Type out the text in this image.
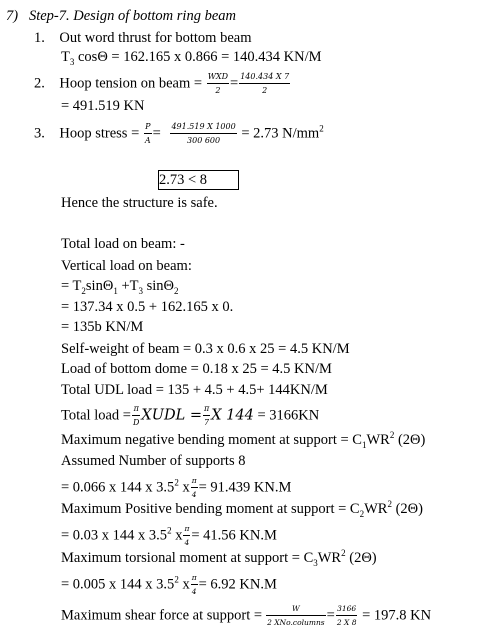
7) Step-7. Design of bottom ring beam
1. Out word thrust for bottom beam
$T_3$ cosΘ = 162.165 x 0.866 = 140.434 KN/M
2. Hoop tension on beam = $\frac{\text{WXD}}{2} = \frac{140.434 X 7}{2}$
= 491.519 KN
3. Hoop stress = $\frac{P}{A} = \frac{491.519 X 1000}{300 600} = 2.73$ $N/mm^2$
2.73 < 8
Hence the structure is safe.
Total load on beam: -
Vertical load on beam:
= $T_2\sin\Theta_1 +T_3$ sinΘ$_2$
= 137.34 x 0.5 + 162.165 x 0.
= 135b KN/M
Self-weight of beam = 0.3 x 0.6 x 25 = 4.5 KN/M
Load of bottom dome = 0.18 x 25 = 4.5 KN/M
Total UDL load = 135 + 4.5 + 4.5+ 144KN/M
Total load = $\frac{\pi}{D}$ XUDL = $\frac{\pi}{7}$ X 144 = 3166KN
Maximum negative bending moment at support = $C_1WR^2$ (2Θ)
Assumed Number of supports 8
= 0.066 x 144 x $3.5^2$ x $\frac{\pi}{4} = 91.439$ KN.M
Maximum Positive bending moment at support = $C_2WR^2$ (2Θ)
= 0.03 x 144 x $3.5^2$ x $\frac{\pi}{4} = 41.56$ KN.M
Maximum torsional moment at support = $C_3WR^2$ (2Θ)
= 0.005 x 144 x $3.5^2$ x $\frac{\pi}{4} = 6.92$ KN.M
Maximum shear force at support = $\frac{W}{\text{2 XNo.columns}} = \frac{3166}{2 X 8} = 197.8$ KN
